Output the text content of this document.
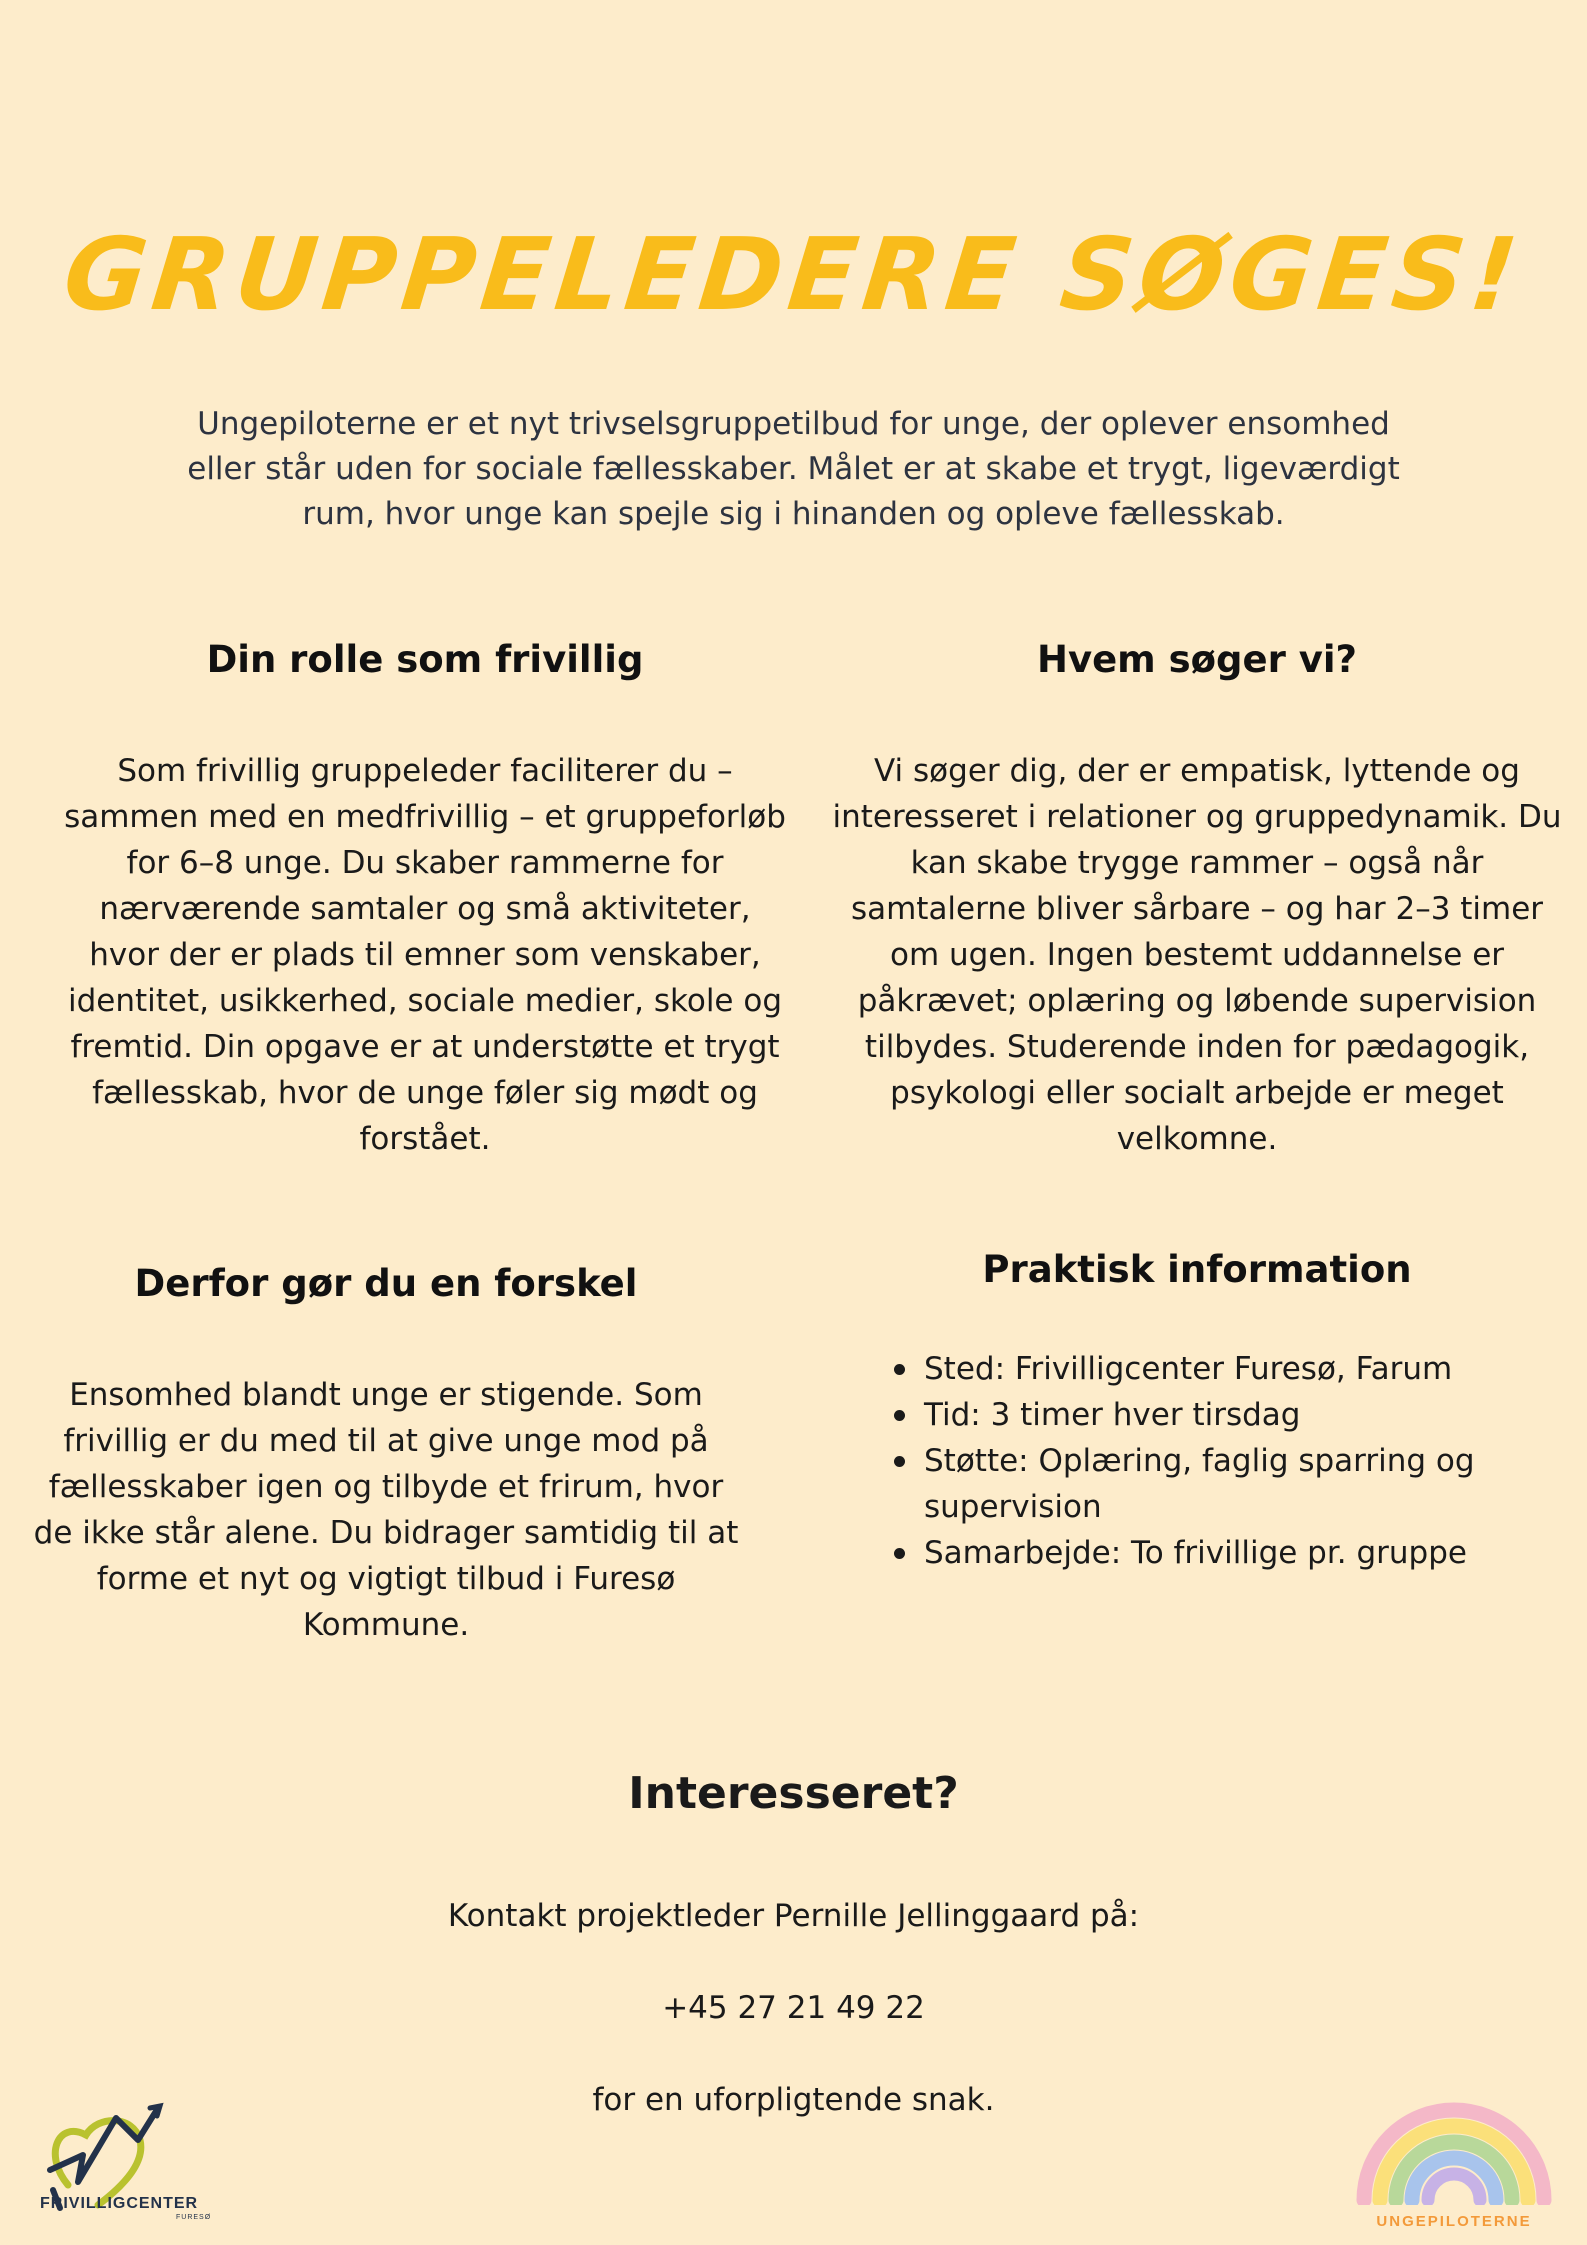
GRUPPELEDERE SØGES!
Ungepiloterne er et nyt trivselsgruppetilbud for unge, der oplever ensomhed eller står uden for sociale fællesskaber. Målet er at skabe et trygt, ligeværdigt rum, hvor unge kan spejle sig i hinanden og opleve fællesskab.
Din rolle som frivillig
Som frivillig gruppeleder faciliterer du – sammen med en medfrivillig – et gruppeforløb for 6–8 unge. Du skaber rammerne for nærværende samtaler og små aktiviteter, hvor der er plads til emner som venskaber, identitet, usikkerhed, sociale medier, skole og fremtid. Din opgave er at understøtte et trygt fællesskab, hvor de unge føler sig mødt og forstået.
Hvem søger vi?
Vi søger dig, der er empatisk, lyttende og interesseret i relationer og gruppedynamik. Du kan skabe trygge rammer – også når samtalerne bliver sårbare – og har 2–3 timer om ugen. Ingen bestemt uddannelse er påkrævet; oplæring og løbende supervision tilbydes. Studerende inden for pædagogik, psykologi eller socialt arbejde er meget velkomne.
Derfor gør du en forskel
Ensomhed blandt unge er stigende. Som frivillig er du med til at give unge mod på fællesskaber igen og tilbyde et frirum, hvor de ikke står alene. Du bidrager samtidig til at forme et nyt og vigtigt tilbud i Furesø Kommune.
Praktisk information
Sted: Frivilligcenter Furesø, Farum
Tid: 3 timer hver tirsdag
Støtte: Oplæring, faglig sparring og supervision
Samarbejde: To frivillige pr. gruppe
Interesseret?
Kontakt projektleder Pernille Jellinggaard på:
+45 27 21 49 22
for en uforpligtende snak.
FRIVILLIGCENTER
FURESØ	UNGEPILOTERNE
